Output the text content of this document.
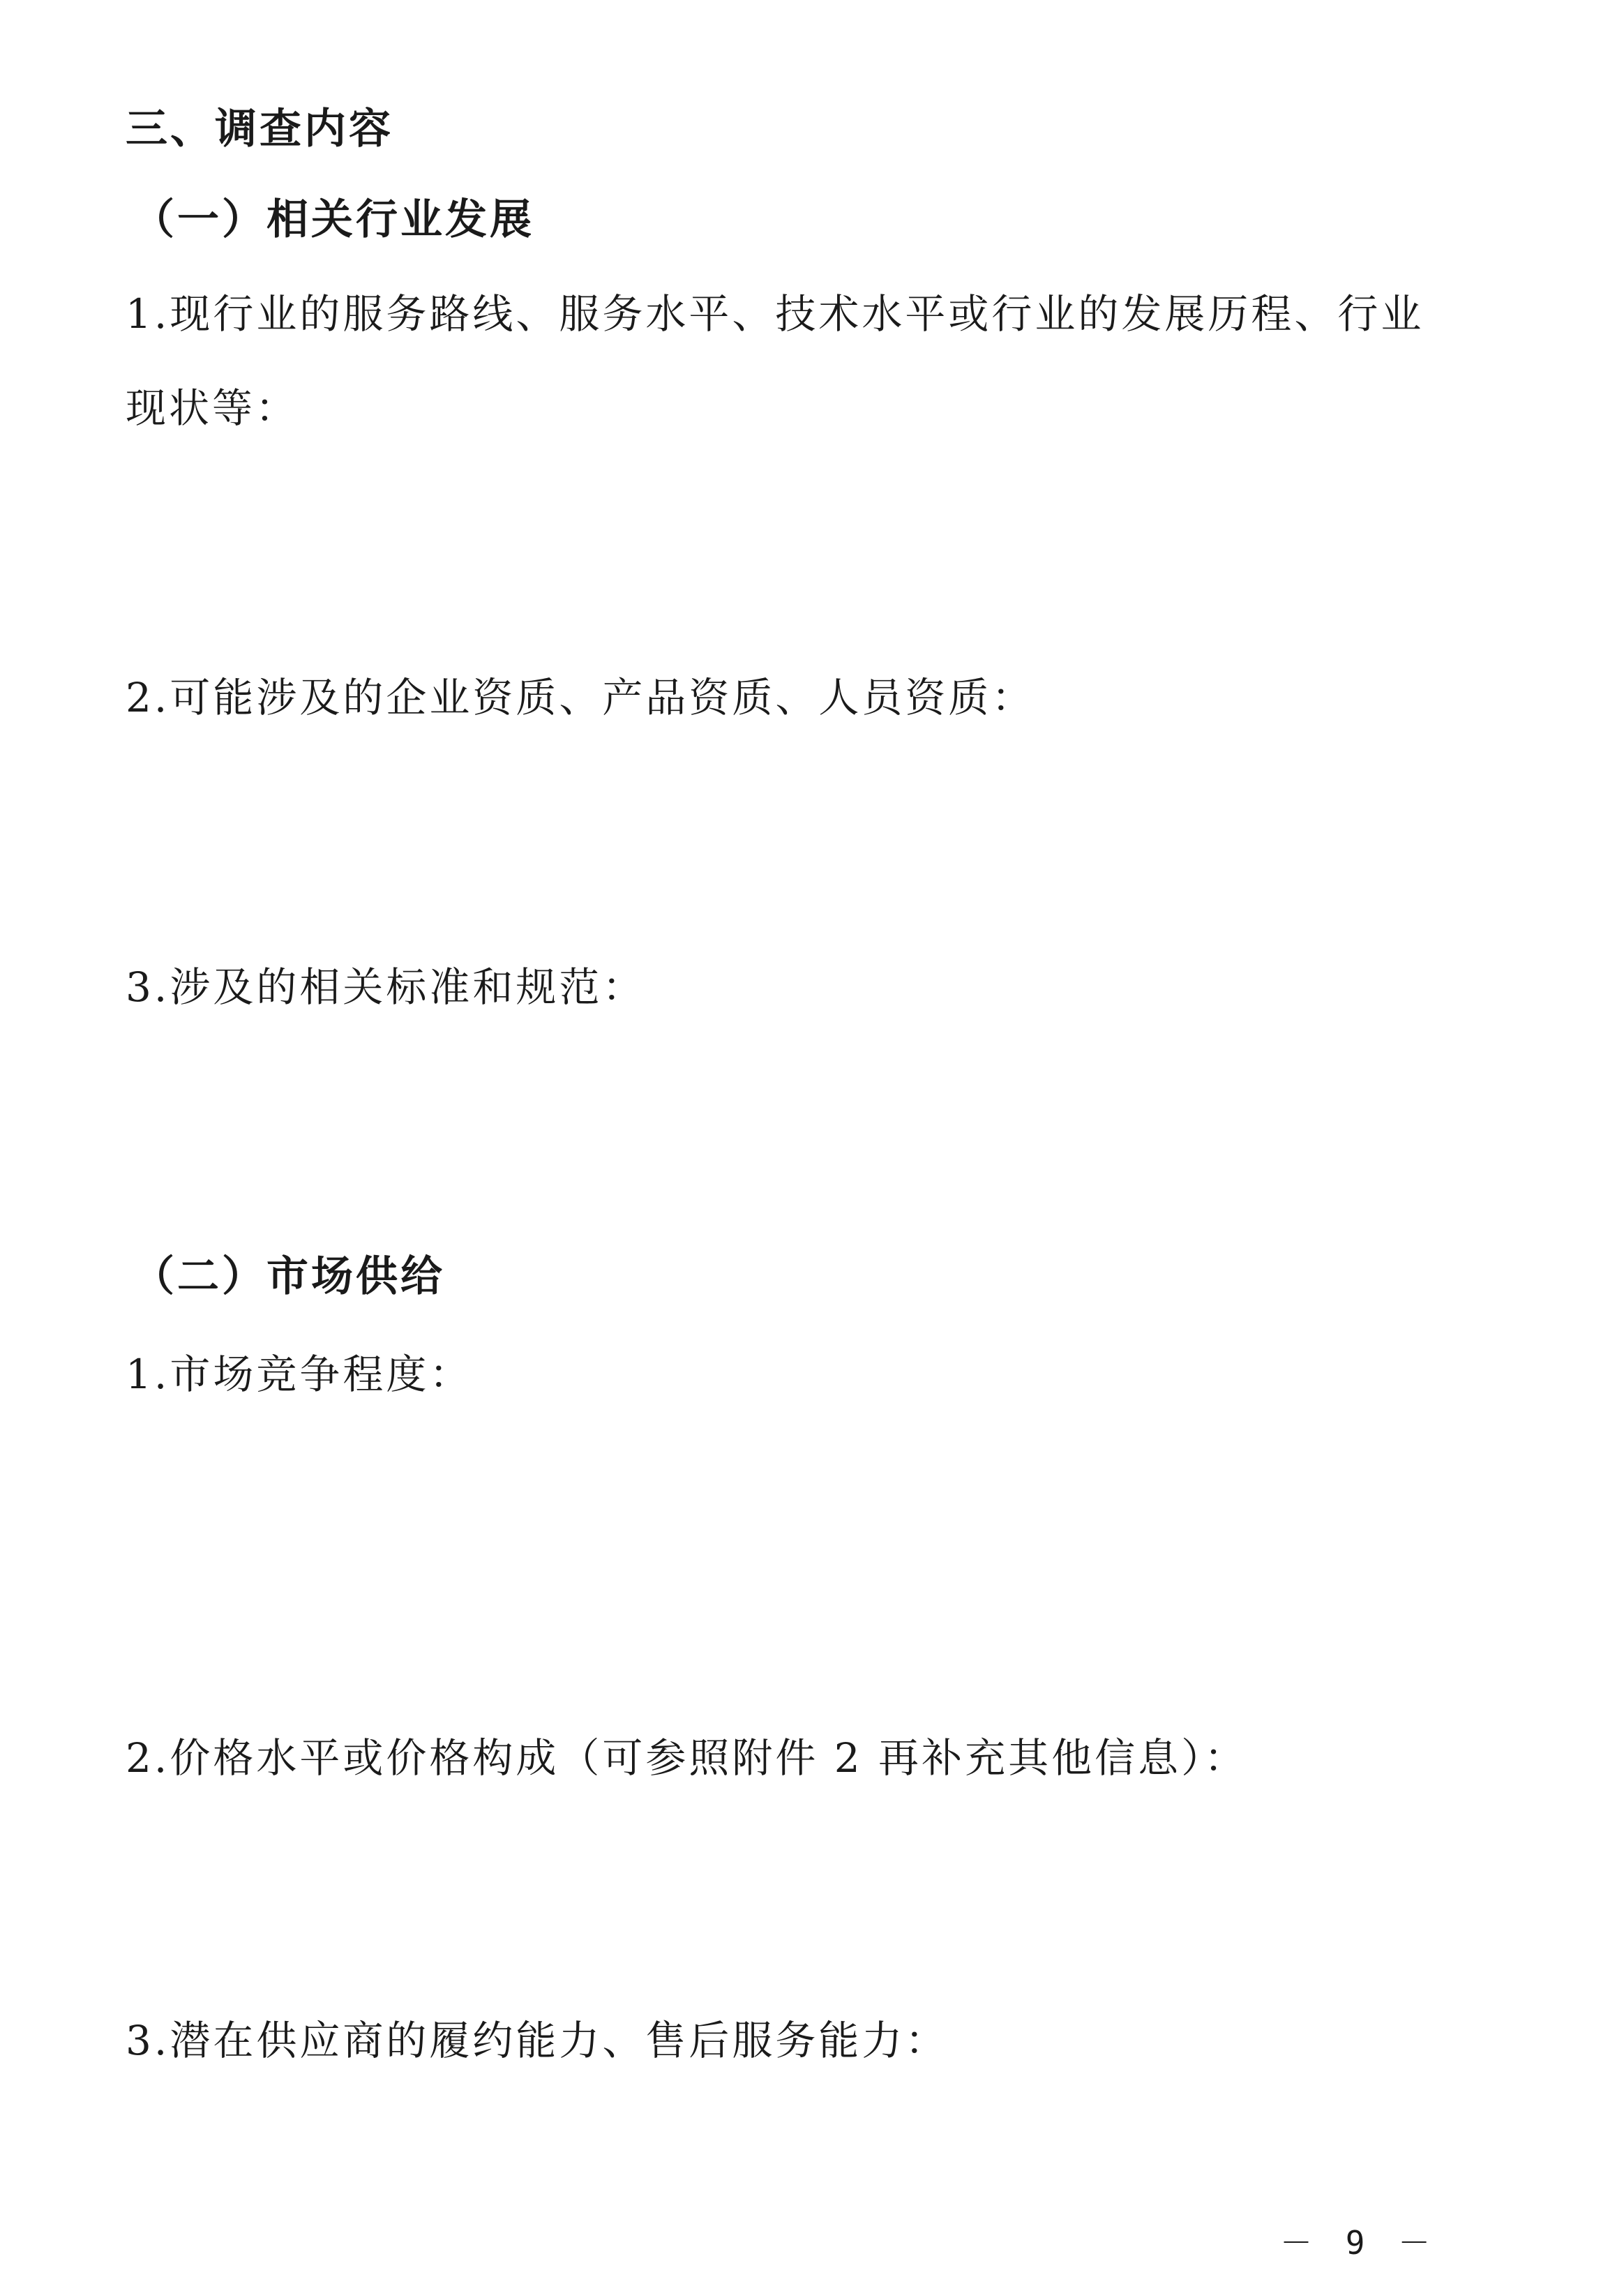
三、调查内容
（一）相关行业发展
1.现行业的服务路线、服务水平、技术水平或行业的发展历程、行业
现状等：
2.可能涉及的企业资质、产品资质、人员资质：
3.涉及的相关标准和规范：
（二）市场供给
1.市场竞争程度：
2.价格水平或价格构成（可参照附件 2 再补充其他信息）：
3.潜在供应商的履约能力、售后服务能力：
－ 9 －
